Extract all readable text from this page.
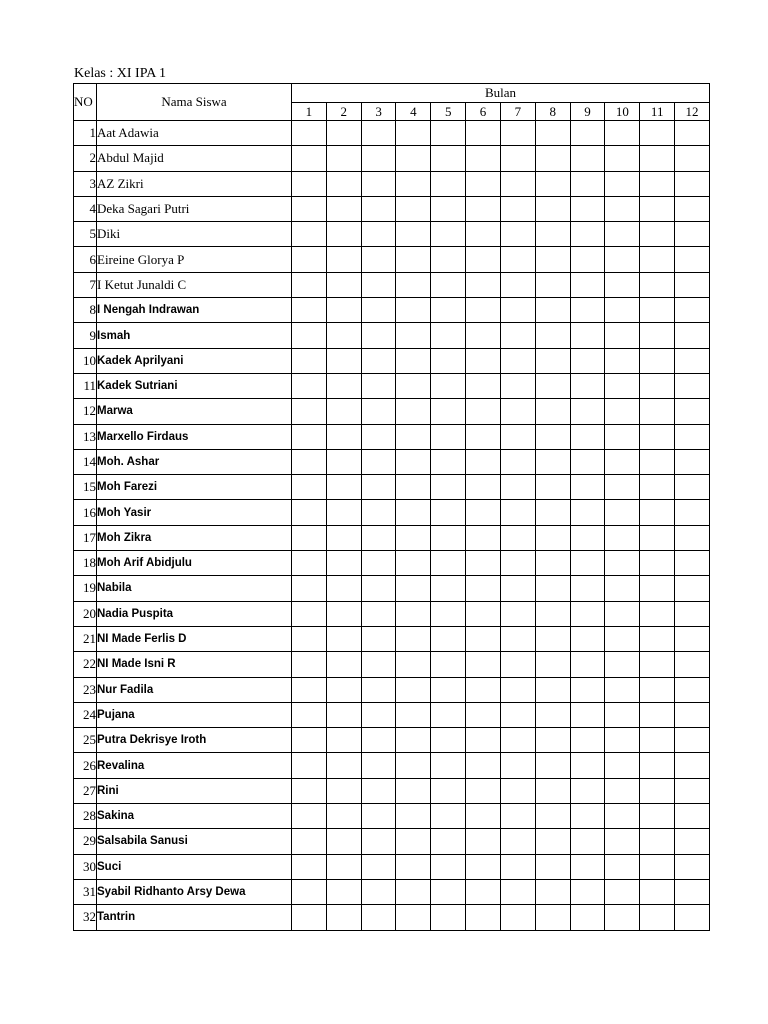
Kelas : XI IPA 1
NO	Nama Siswa	Bulan											
		1	2	3	4	5	6	7	8	9	10	11	12
1	Aat Adawia												
2	Abdul Majid												
3	AZ Zikri												
4	Deka Sagari Putri												
5	Diki												
6	Eireine Glorya P												
7	I Ketut Junaldi C												
8	I Nengah Indrawan												
9	Ismah												
10	Kadek Aprilyani												
11	Kadek Sutriani												
12	Marwa												
13	Marxello Firdaus												
14	Moh. Ashar												
15	Moh Farezi												
16	Moh Yasir												
17	Moh Zikra												
18	Moh Arif Abidjulu												
19	Nabila												
20	Nadia Puspita												
21	NI Made Ferlis D												
22	NI Made Isni R												
23	Nur Fadila												
24	Pujana												
25	Putra Dekrisye Iroth												
26	Revalina												
27	Rini												
28	Sakina												
29	Salsabila Sanusi												
30	Suci												
31	Syabil Ridhanto Arsy Dewa												
32	Tantrin												
